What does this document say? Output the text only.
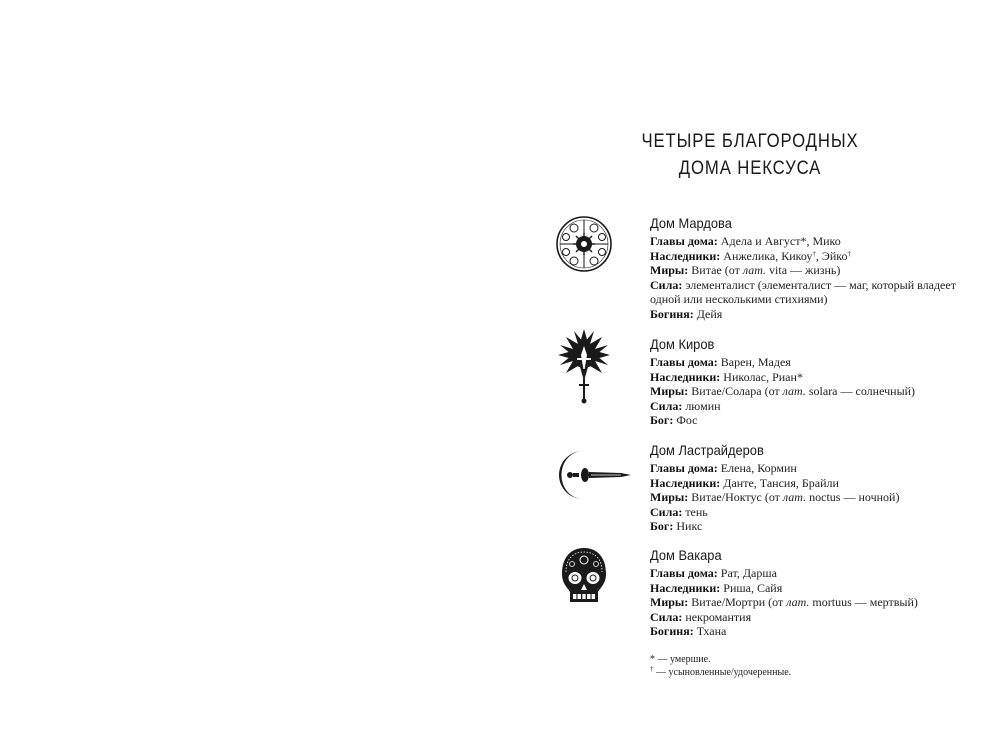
ЧЕТЫРЕ БЛАГОРОДНЫХ
ДОМА НЕКСУСА
Дом Мардова
Главы дома: Адела и Август*, Мико
Наследники: Анжелика, Кикоу†, Эйко†
Миры: Витае (от лат. vita — жизнь)
Сила: элементалист (элементалист — маг, который владеет одной или несколькими стихиями)
Богиня: Дейя
Дом Киров
Главы дома: Варен, Мадея
Наследники: Николас, Риан*
Миры: Витае/Солара (от лат. solara — солнечный)
Сила: люмин
Бог: Фос
Дом Ластрайдеров
Главы дома: Елена, Кормин
Наследники: Данте, Тансия, Брайли
Миры: Витае/Ноктус (от лат. noctus — ночной)
Сила: тень
Бог: Никс
Дом Вакара
Главы дома: Рат, Дарша
Наследники: Риша, Сайя
Миры: Витае/Мортри (от лат. mortuus — мертвый)
Сила: некромантия
Богиня: Тхана
* — умершие.
† — усыновленные/удочеренные.
